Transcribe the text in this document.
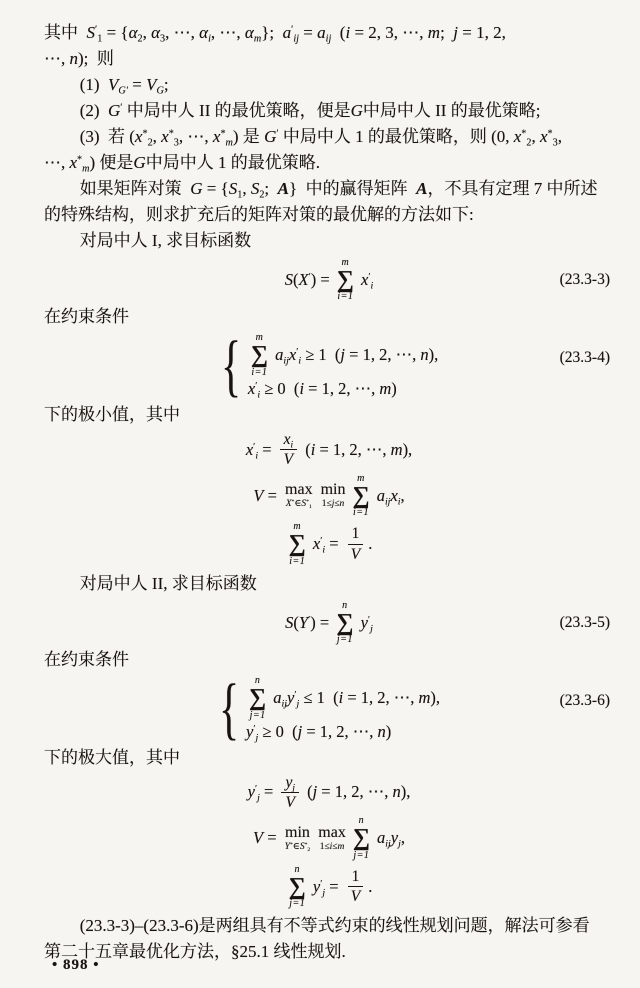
其中  $S'_1 = \{\alpha_2$, $\alpha_3$, ⋯, $\alpha_i$, ⋯, $\alpha_m$};  $a'_{ij} = a_{ij}$  (i = 2, 3, ⋯, m;  j = 1, 2,
⋯, n);  则
(1)  $V_{G'} = V_G$;
(2)  G′ 中局中人 II 的最优策略，便是G中局中人 II 的最优策略;
(3)  若 ($x^*_2$, $x^*_3$, ⋯, $x^*_m$) 是 G′ 中局中人 1 的最优策略，则 (0, $x^*_2$, $x^*_3$,
⋯, $x^*_m$) 便是G中局中人 1 的最优策略.
如果矩阵对策  $G = \{S_1$, $S_2$;  A}  中的赢得矩阵  A，不具有定理 7 中所述
的特殊结构，则求扩充后的矩阵对策的最优解的方法如下:
对局中人 I, 求目标函数
S(X′) =
m
∑
i=1
$x'_i$	(23.3-3)
在约束条件
{ m
∑
i=1
$a_{ij}x'_i \ge 1$  (j = 1, 2, ⋯, n),
$x'_i \ge 0$  (i = 1, 2, ⋯, m)
(23.3-4)
下的极小值，其中
$x'_i = \frac{x_i}{V} (i = 1$, 2, ⋯, m),
V = max
$X^*\in S^*_1$
min
1≤j≤n
m
∑
i=1
$a_{ij}x_i$,
m
∑
i=1
$x'_i = \frac{1}{V}$ .
对局中人 II, 求目标函数
S(Y′) =
n
∑
j=1
$y'_j$	(23.3-5)
在约束条件
{ n
∑
j=1
$a_{ij}y'_j \le 1$  (i = 1, 2, ⋯, m),
$y'_j \ge 0$  (j = 1, 2, ⋯, n)
(23.3-6)
下的极大值，其中
$y'_j = \frac{y_j}{V} (j = 1$, 2, ⋯, n),
V = min
$Y^*\in S^*_2$
max
1≤i≤m
n
∑
j=1
$a_{ij}y_j$,
n
∑
j=1
$y'_j = \frac{1}{V}$ .
(23.3-3)–(23.3-6)是两组具有不等式约束的线性规划问题，解法可参看
第二十五章最优化方法，§25.1 线性规划.
• 898 •
